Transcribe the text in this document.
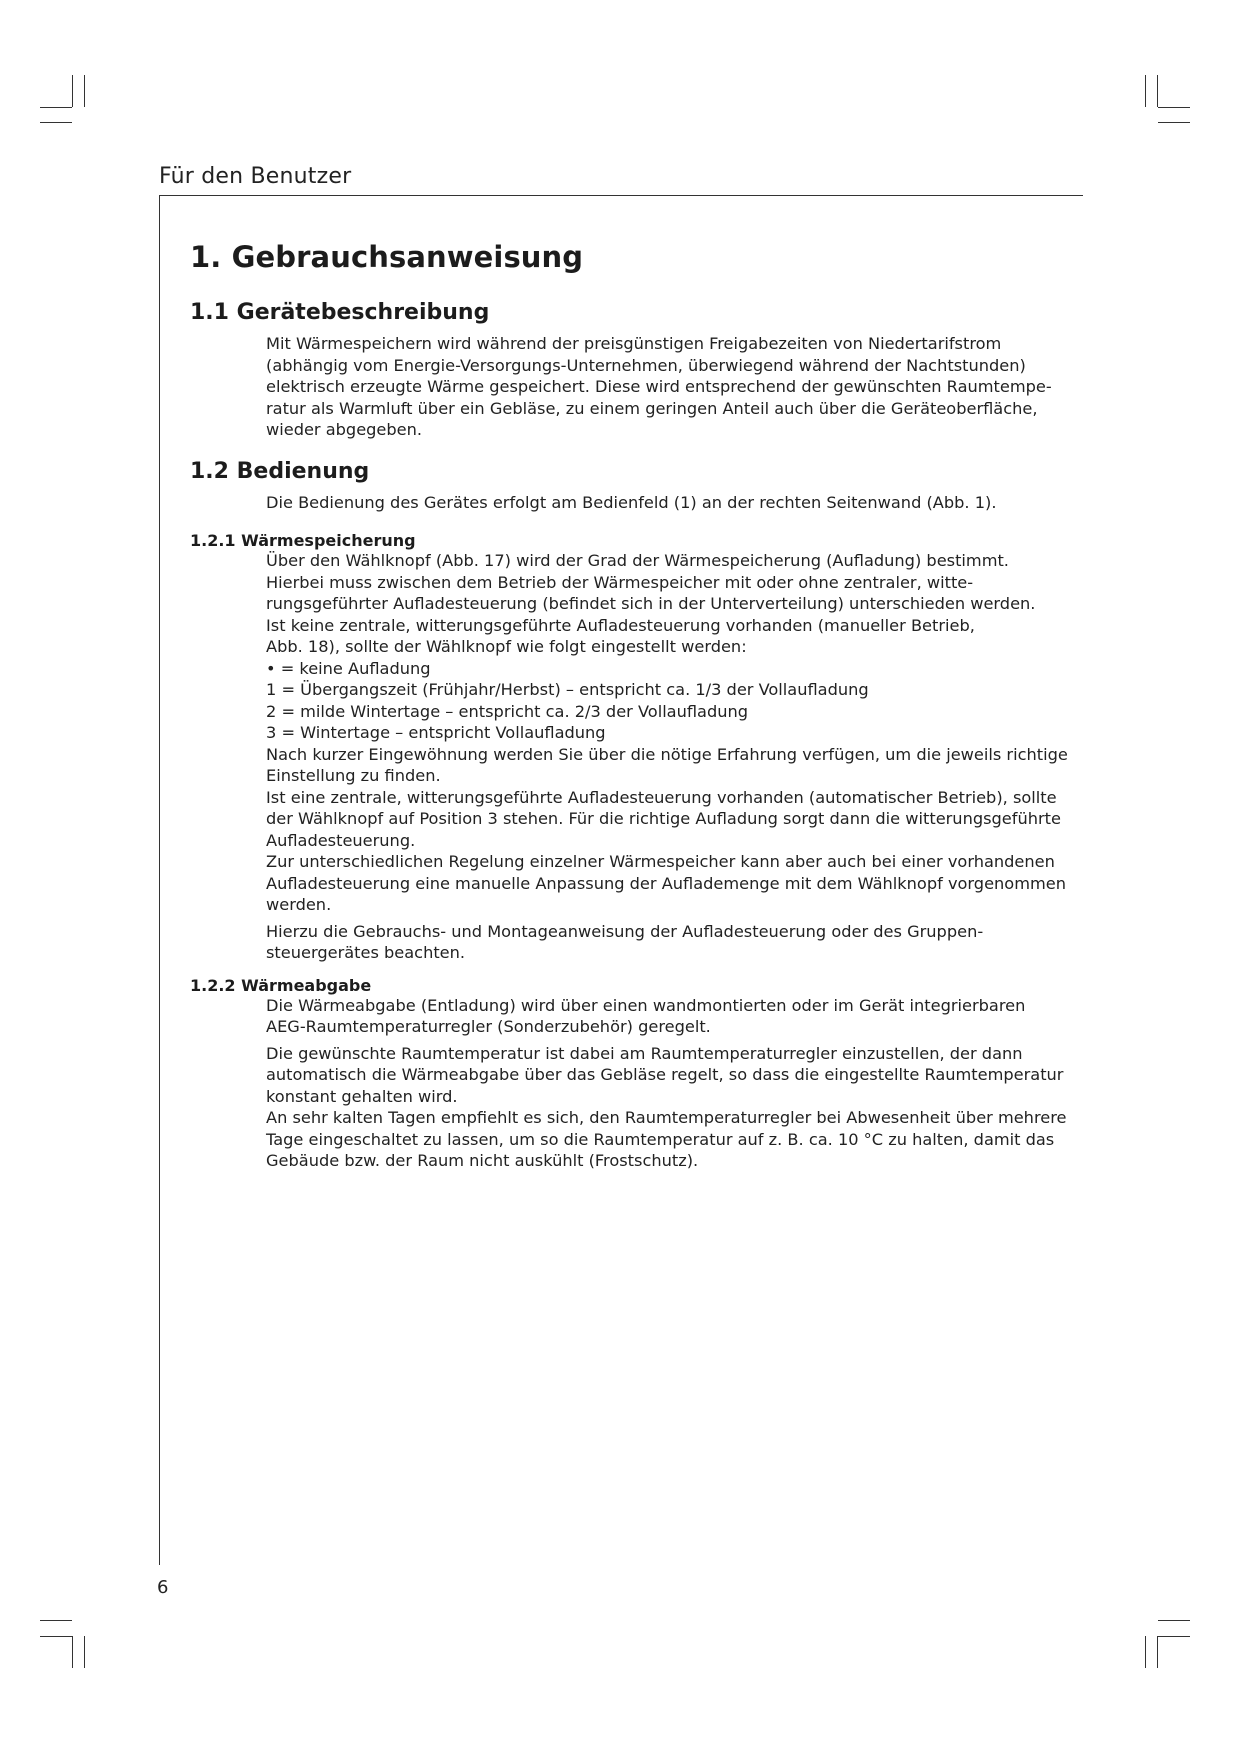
Für den Benutzer
1. Gebrauchsanweisung
1.1 Gerätebeschreibung

Mit Wärmespeichern wird während der preisgünstigen Freigabezeiten von Niedertarifstrom

(abhängig vom Energie-Versorgungs-Unternehmen, überwiegend während der Nachtstunden)

elektrisch erzeugte Wärme gespeichert. Diese wird entsprechend der gewünschten Raumtempe-

ratur als Warmluft über ein Gebläse, zu einem geringen Anteil auch über die Geräteoberfläche,

wieder abgegeben.

1.2 Bedienung

Die Bedienung des Gerätes erfolgt am Bedienfeld (1) an der rechten Seitenwand (Abb. 1).

1.2.1 Wärmespeicherung

Über den Wählknopf (Abb. 17) wird der Grad der Wärmespeicherung (Aufladung) bestimmt.

Hierbei muss zwischen dem Betrieb der Wärmespeicher mit oder ohne zentraler, witte-

rungsgeführter Aufladesteuerung (befindet sich in der Unterverteilung) unterschieden werden.

Ist keine zentrale, witterungsgeführte Aufladesteuerung vorhanden (manueller Betrieb,

Abb. 18), sollte der Wählknopf wie folgt eingestellt werden:

• = keine Aufladung

1 = Übergangszeit (Frühjahr/Herbst) – entspricht ca. 1/3 der Vollaufladung

2 = milde Wintertage – entspricht ca. 2/3 der Vollaufladung

3 = Wintertage – entspricht Vollaufladung

Nach kurzer Eingewöhnung werden Sie über die nötige Erfahrung verfügen, um die jeweils richtige

Einstellung zu finden.

Ist eine zentrale, witterungsgeführte Aufladesteuerung vorhanden (automatischer Betrieb), sollte

der Wählknopf auf Position 3 stehen. Für die richtige Aufladung sorgt dann die witterungsgeführte

Aufladesteuerung.

Zur unterschiedlichen Regelung einzelner Wärmespeicher kann aber auch bei einer vorhandenen

Aufladesteuerung eine manuelle Anpassung der Auflademenge mit dem Wählknopf vorgenommen

werden.

Hierzu die Gebrauchs- und Montageanweisung der Aufladesteuerung oder des Gruppen-

steuergerätes beachten.

1.2.2 Wärmeabgabe

Die Wärmeabgabe (Entladung) wird über einen wandmontierten oder im Gerät integrierbaren

AEG-Raumtemperaturregler (Sonderzubehör) geregelt.

Die gewünschte Raumtemperatur ist dabei am Raumtemperaturregler einzustellen, der dann

automatisch die Wärmeabgabe über das Gebläse regelt, so dass die eingestellte Raumtemperatur

konstant gehalten wird.

An sehr kalten Tagen empfiehlt es sich, den Raumtemperaturregler bei Abwesenheit über mehrere

Tage eingeschaltet zu lassen, um so die Raumtemperatur auf z. B. ca. 10 °C zu halten, damit das

Gebäude bzw. der Raum nicht auskühlt (Frostschutz).

6
